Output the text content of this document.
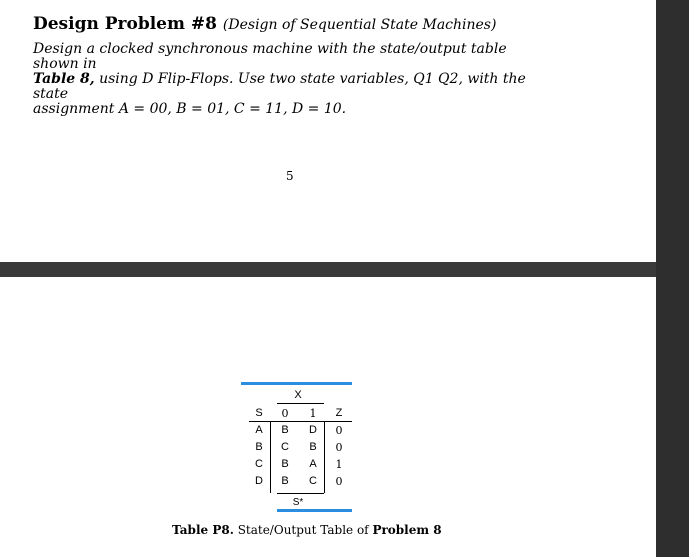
Design Problem #8 (Design of Sequential State Machines)
Design a clocked synchronous machine with the state/output table shown in
Table 8, using D Flip-Flops. Use two state variables, Q1 Q2, with the state
assignment A = 00, B = 01, C = 11, D = 10.
5
X
S	0	1	Z
A	B	D	0
B	C	B	0
C	B	A	1
D	B	C	0
S*
Table P8. State/Output Table of Problem 8
